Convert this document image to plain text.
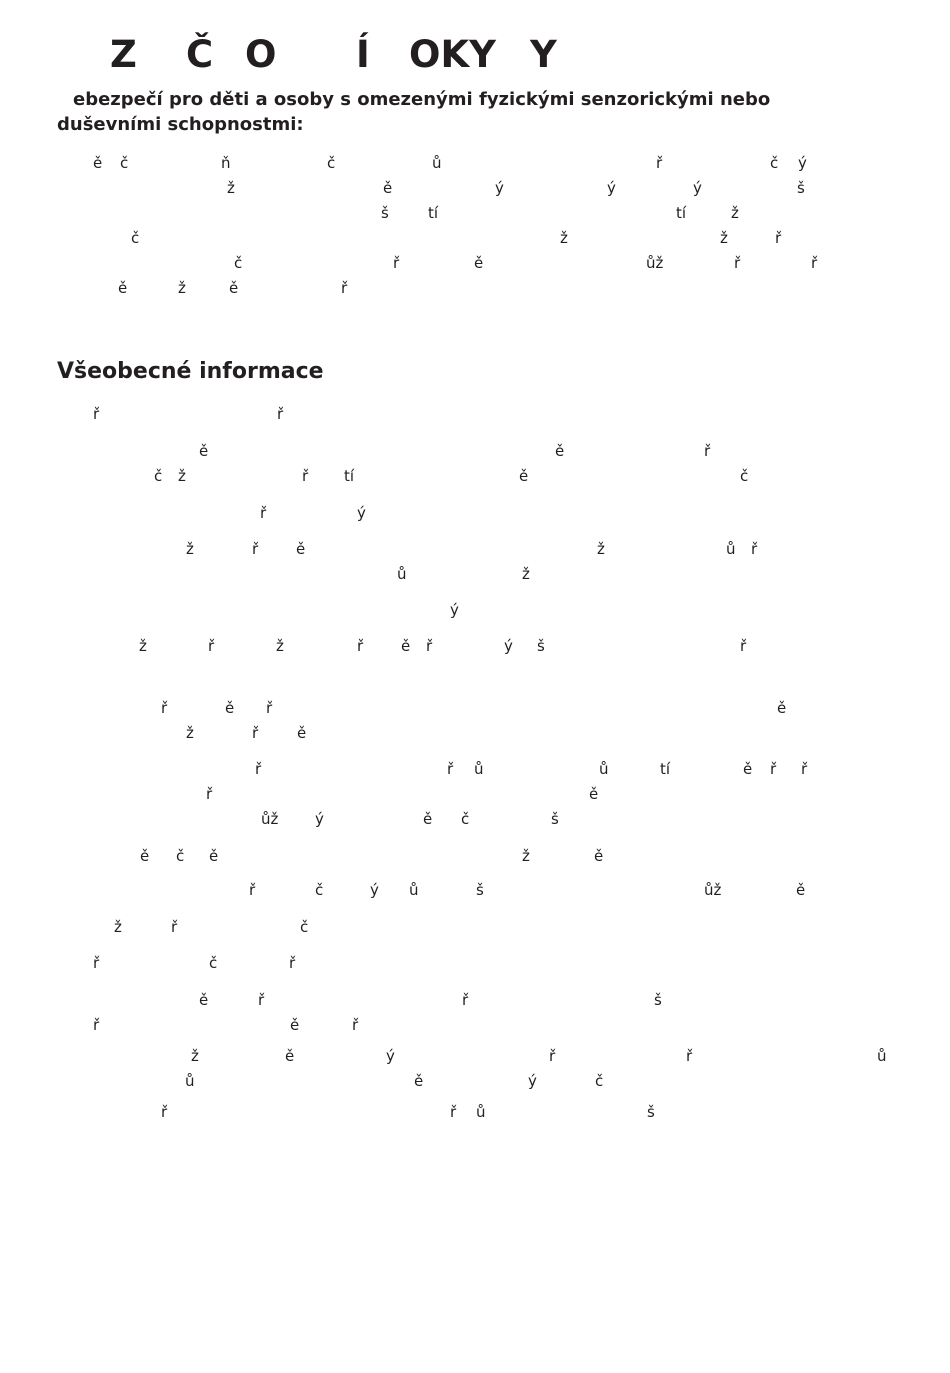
Z Č O Í OKY Y
ebezpečí pro děti a osoby s omezenými fyzickými senzorickými nebo
duševními schopnostmi:
ě č	ň	č	ů	ř	č ý
ž	ě	ý	ý	ý	š
š	tí	tí	ž
č	ž	ž	ř
č	ř	ě	ůž	ř	ř
ě	ž	ě	ř
Všeobecné informace
ř	ř
ě	ě	ř
č ž	ř tí	ě	č
ř	ý
ž	ř	ě	ž	ů ř
ů	ž
ý
ž	ř	ž	ř	ě ř	ý š	ř
ř	ě ř	ě
ž	ř	ě
ř	ř ů	ů	tí	ě ř ř
ř	ě
ůž ý	ě č	š
ě č ě	ž	ě
ř	č	ý ů	š	ůž	ě
ž	ř	č
ř	č	ř
ě	ř	ř	š
ř	ě	ř
ž	ě	ý	ř	ř	ů
ů	ě	ý	č
ř	ř ů	š
